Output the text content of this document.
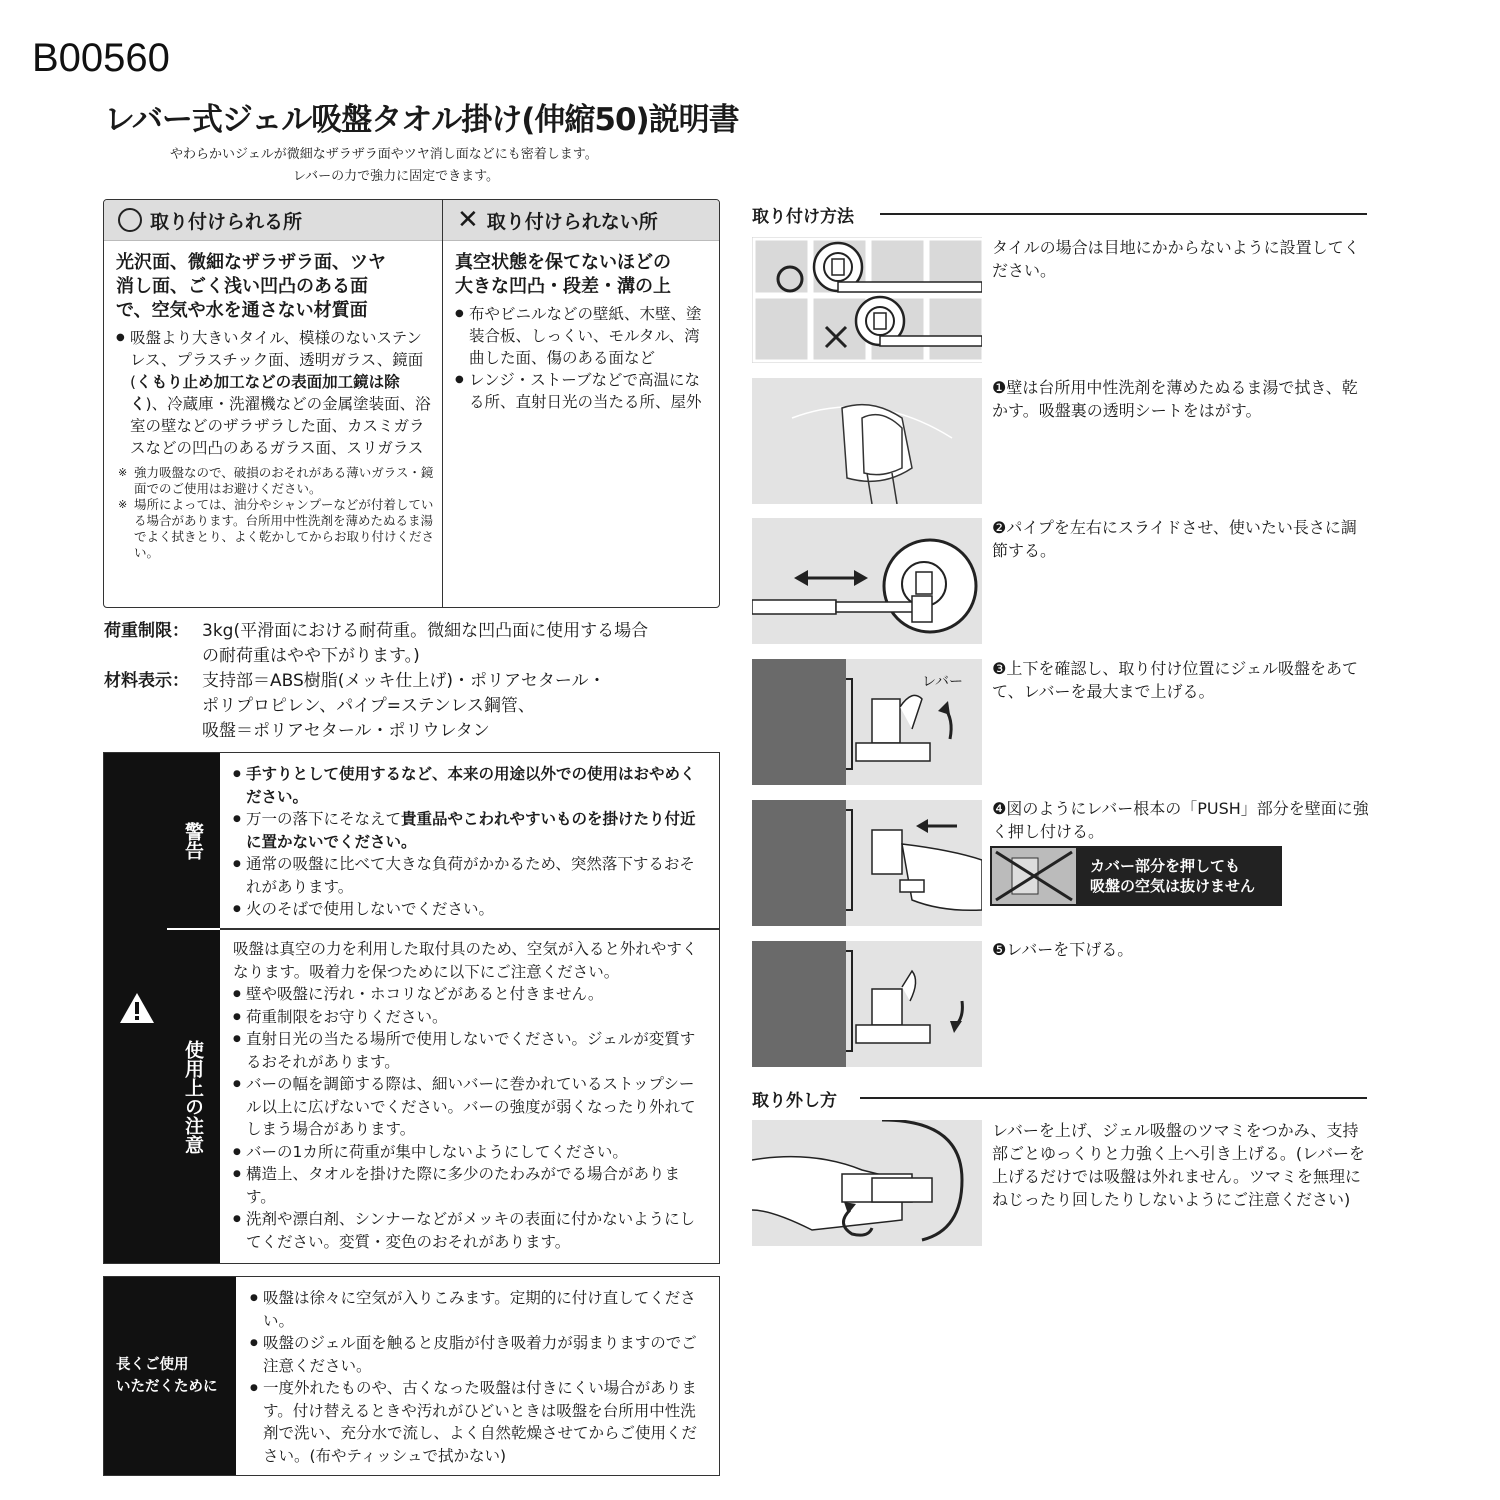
B00560
レバー式ジェル吸盤タオル掛け(伸縮50)説明書
やわらかいジェルが微細なザラザラ面やツヤ消し面などにも密着します。
レバーの力で強力に固定できます。
取り付けられる所
光沢面、微細なザラザラ面、ツヤ
消し面、ごく浅い凹凸のある面
で、空気や水を通さない材質面
● 吸盤より大きいタイル、模様のないステンレス、プラスチック面、透明ガラス、鏡面(くもり止め加工などの表面加工鏡は除く)、冷蔵庫・洗濯機などの金属塗装面、浴室の壁などのザラザラした面、カスミガラスなどの凹凸のあるガラス面、スリガラス
※ 強力吸盤なので、破損のおそれがある薄いガラス・鏡面でのご使用はお避けください。
※ 場所によっては、油分やシャンプーなどが付着している場合があります。台所用中性洗剤を薄めたぬるま湯でよく拭きとり、よく乾かしてからお取り付けください。
✕ 取り付けられない所
真空状態を保てないほどの
大きな凹凸・段差・溝の上
● 布やビニルなどの壁紙、木壁、塗装合板、しっくい、モルタル、湾曲した面、傷のある面など
● レンジ・ストーブなどで高温になる所、直射日光の当たる所、屋外
荷重制限： 3kg(平滑面における耐荷重。微細な凹凸面に使用する場合
の耐荷重はやや下がります。)
材料表示： 支持部＝ABS樹脂(メッキ仕上げ)・ポリアセタール・
ポリプロピレン、パイプ=ステンレス鋼管、
吸盤＝ポリアセタール・ポリウレタン
警告
使用上の注意
● 手すりとして使用するなど、本来の用途以外での使用はおやめください。
● 万一の落下にそなえて貴重品やこわれやすいものを掛けたり付近に置かないでください。
● 通常の吸盤に比べて大きな負荷がかかるため、突然落下するおそれがあります。
● 火のそばで使用しないでください。
吸盤は真空の力を利用した取付具のため、空気が入ると外れやすくなります。吸着力を保つために以下にご注意ください。
● 壁や吸盤に汚れ・ホコリなどがあると付きません。
● 荷重制限をお守りください。
● 直射日光の当たる場所で使用しないでください。ジェルが変質するおそれがあります。
● バーの幅を調節する際は、細いバーに巻かれているストップシール以上に広げないでください。バーの強度が弱くなったり外れてしまう場合があります。
● バーの1カ所に荷重が集中しないようにしてください。
● 構造上、タオルを掛けた際に多少のたわみがでる場合があります。
● 洗剤や漂白剤、シンナーなどがメッキの表面に付かないようにしてください。変質・変色のおそれがあります。
長くご使用
いただくために
● 吸盤は徐々に空気が入りこみます。定期的に付け直してください。
● 吸盤のジェル面を触ると皮脂が付き吸着力が弱まりますのでご注意ください。
● 一度外れたものや、古くなった吸盤は付きにくい場合があります。付け替えるときや汚れがひどいときは吸盤を台所用中性洗剤で洗い、充分水で流し、よく自然乾燥させてからご使用ください。(布やティッシュで拭かない)
取り付け方法
タイルの場合は目地にかからないように設置してください。
❶壁は台所用中性洗剤を薄めたぬるま湯で拭き、乾かす。吸盤裏の透明シートをはがす。
❷パイプを左右にスライドさせ、使いたい長さに調節する。
レバー
❸上下を確認し、取り付け位置にジェル吸盤をあてて、レバーを最大まで上げる。
❹図のようにレバー根本の「PUSH」部分を壁面に強く押し付ける。
カバー部分を押しても
吸盤の空気は抜けません
❺レバーを下げる。
取り外し方
レバーを上げ、ジェル吸盤のツマミをつかみ、支持部ごとゆっくりと力強く上へ引き上げる。(レバーを上げるだけでは吸盤は外れません。ツマミを無理にねじったり回したりしないようにご注意ください)
